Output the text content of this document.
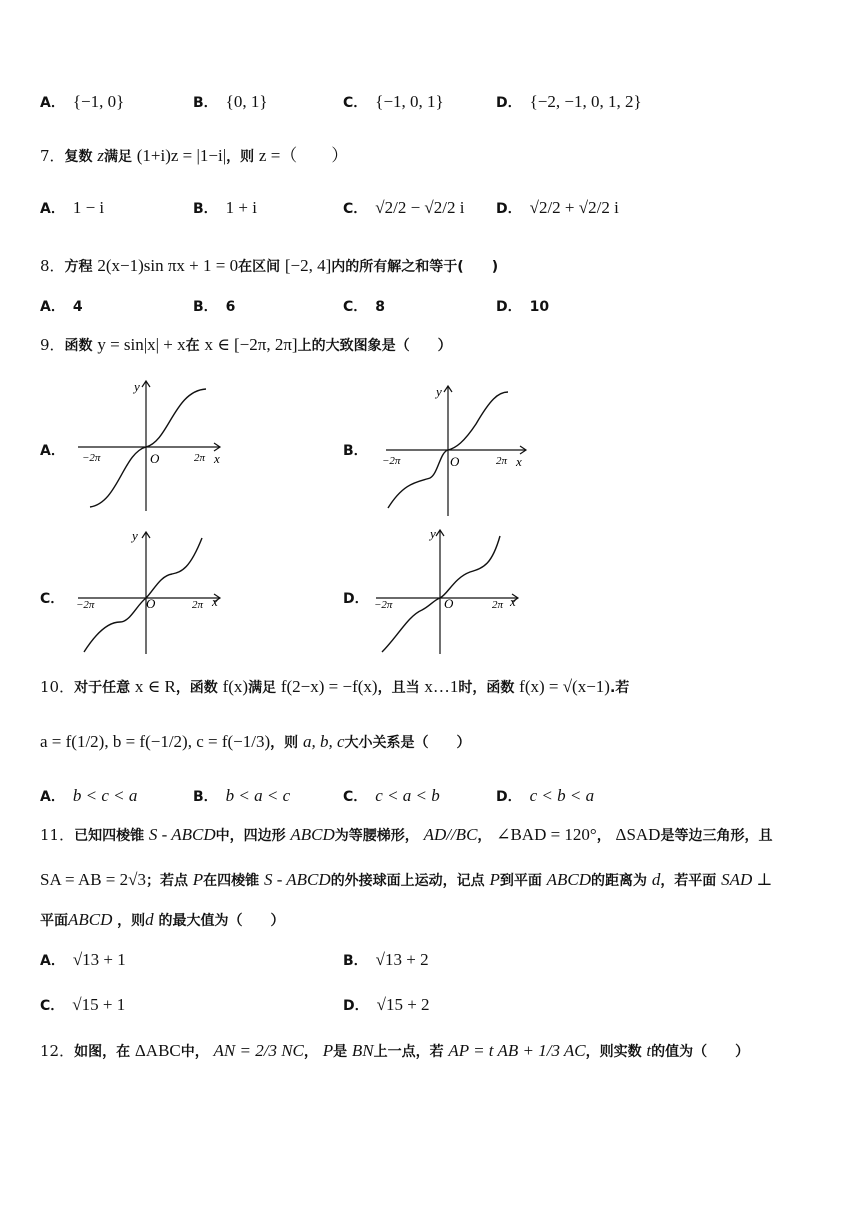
A． {−1, 0}	B． {0, 1}	C． {−1, 0, 1}	D． {−2, −1, 0, 1, 2}
7．复数 z满足 (1+i)z = |1−i|，则 z =（　　）
A． 1 − i	B． 1 + i	C． √2/2 − √2/2 i D． √2/2 + √2/2 i
8．方程 2(x−1)sin πx + 1 = 0在区间 [−2, 4]内的所有解之和等于(　　)
A． 4	B． 6	C． 8	D． 10
9．函数 y = sin|x| + x在 x ∈ [−2π, 2π]上的大致图象是（　　）
A．	B．
C．	D．
y
x
O
−2π	2π
y
x
O
−2π	2π
y
x
O
−2π	2π
y
x
O
−2π	2π
10．对于任意 x ∈ R，函数 f(x)满足 f(2−x) = −f(x)，且当 x…1时，函数 f(x) = √(x−1).若
a = f(1/2), b = f(−1/2), c = f(−1/3)，则 a, b, c大小关系是（　　）
A． b < c < a	B． b < a < c	C． c < a < b	D． c < b < a
11．已知四棱锥 S - ABCD中，四边形 ABCD为等腰梯形， AD//BC， ∠BAD = 120°， ΔSAD是等边三角形，且
SA = AB = 2√3；若点 P在四棱锥 S - ABCD的外接球面上运动，记点 P到平面 ABCD的距离为 d，若平面 SAD ⊥
平面ABCD ，则d 的最大值为（　　）
A． √13 + 1	B． √13 + 2
C． √15 + 1	D． √15 + 2
12．如图，在 ΔABC中， AN = 2/3 NC， P是 BN上一点，若 AP = t AB + 1/3 AC，则实数 t的值为（　　）
